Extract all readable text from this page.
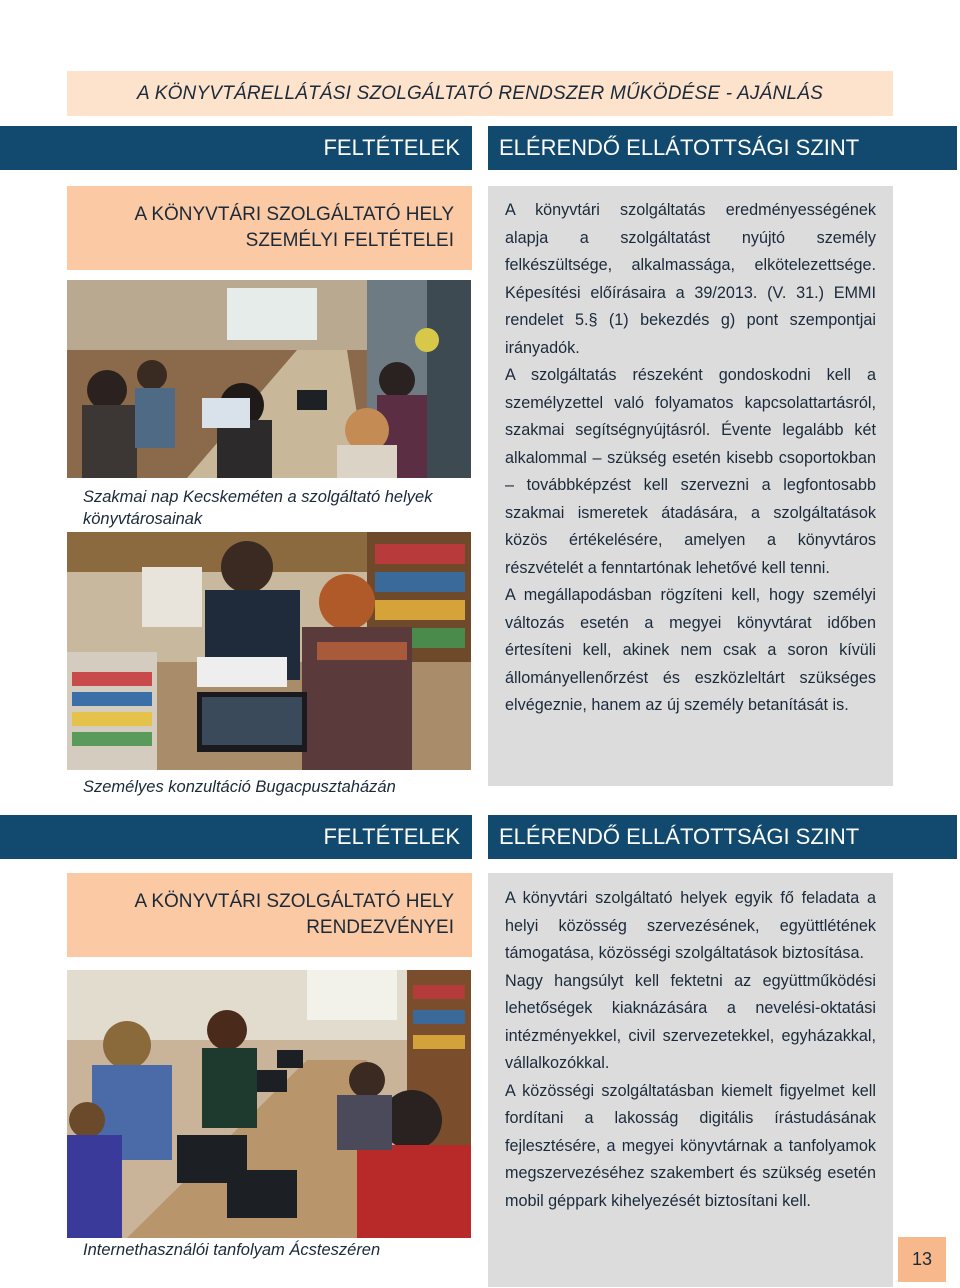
A KÖNYVTÁRELLÁTÁSI SZOLGÁLTATÓ RENDSZER MŰKÖDÉSE - AJÁNLÁS
FELTÉTELEK	ELÉRENDŐ ELLÁTOTTSÁGI SZINT
A KÖNYVTÁRI SZOLGÁLTATÓ HELY
SZEMÉLYI FELTÉTELEI
Szakmai nap Kecskeméten a szolgáltató helyek könyvtárosainak
Személyes konzultáció Bugacpusztaházán

A könyvtári szolgáltatás eredményességének alapja a szolgáltatást nyújtó személy felkészültsége, alkalmassága, elkötelezettsége. Képesítési előírásaira a 39/2013. (V. 31.) EMMI rendelet 5.§ (1) bekezdés g) pont szempontjai irányadók.

A szolgáltatás részeként gondoskodni kell a személyzettel való folyamatos kapcsolattartásról, szakmai segítségnyújtásról. Évente legalább két alkalommal – szükség esetén kisebb csoportokban – továbbképzést kell szervezni a legfontosabb szakmai ismeretek átadására, a szolgáltatások közös értékelésére, amelyen a könyvtáros részvételét a fenntartónak lehetővé kell tenni.

A megállapodásban rögzíteni kell, hogy személyi változás esetén a megyei könyvtárat időben értesíteni kell, akinek nem csak a soron kívüli állományellenőrzést és eszközleltárt szükséges elvégeznie, hanem az új személy betanítását is.

FELTÉTELEK	ELÉRENDŐ ELLÁTOTTSÁGI SZINT
A KÖNYVTÁRI SZOLGÁLTATÓ HELY
RENDEZVÉNYEI
Internethasználói tanfolyam Ácsteszéren

A könyvtári szolgáltató helyek egyik fő feladata a helyi közösség szervezésének, együttlétének támogatása, közösségi szolgáltatások biztosítása.

Nagy hangsúlyt kell fektetni az együttműködési lehetőségek kiaknázására a nevelési-oktatási intézményekkel, civil szervezetekkel, egyházakkal, vállalkozókkal.

A közösségi szolgáltatásban kiemelt figyelmet kell fordítani a lakosság digitális írástudásának fejlesztésére, a megyei könyvtárnak a tanfolyamok megszervezéséhez szakembert és szükség esetén mobil géppark kihelyezését biztosítani kell.

13
